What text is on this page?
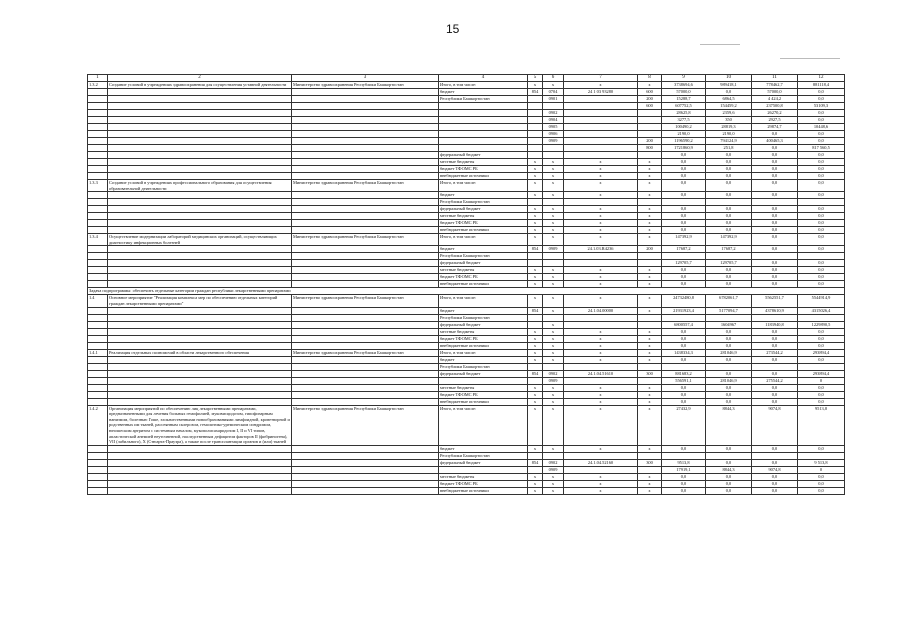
15
1	2	3	4	5	6	7	8	9	10	11	12
1.3.2	Создание условий в учреждениях здравоохранения для осуществления уставной деятельности	Министерство здравоохранения Республики Башкортостан	Итого, в том числе:	x	x	x	x	3738694,6	989418,1	778462,7	881118,4
			бюджет	854	0704	24 1 03 93280	600	57000,0	0,0	57000,0	0,0
			Республики Башкортостан		0901		200	15288,7	6864,5	4 424,2	0,0
							600	607752,5	154459,2	237500,8	53109,3
					0902			28625,8	2359,6	26270,2	0,0
					0904			3277,5	350	2927,5	0,0
					0905			100490,2	28819,3	29874,7	10448,6
					0906			2190,0	2190,0	0,0	0,0
					0909		200	1196590,2	794124,9	400465,3	0,0
							800	1721860,9	251,8	0,0	817 560,5
			федеральный бюджет					0,0	0,0	0,0	0,0
			местные бюджеты	x	x	x	x	0,0	0,0	0,0	0,0
			бюджет ТФОМС РБ	x	x	x	x	0,0	0,0	0,0	0,0
			внебюджетные источники	x	x	x	x	0,0	0,0	0,0	0,0
1.3.3	Создание условий в учреждениях профессионального образования для осуществления образовательной деятельности	Министерство здравоохранения Республики Башкортостан	Итого, в том числе:	x	x	x	x	0,0	0,0	0,0	0,0
			бюджет	x	x	x	x	0,0	0,0	0,0	0,0
			Республики Башкортостан								
			федеральный бюджет	x	x	x	x	0,0	0,0	0,0	0,0
			местные бюджеты	x	x	x	x	0,0	0,0	0,0	0,0
			бюджет ТФОМС РБ	x	x	x	x	0,0	0,0	0,0	0,0
			внебюджетные источники	x	x	x	x	0,0	0,0	0,0	0,0
1.3.4	Осуществление модернизации лабораторий медицинских организаций, осуществляющих диагностику инфекционных болезней	Министерство здравоохранения Республики Башкортостан	Итого, в том числе:	x	x	x	x	147392,9	147392,9	0,0	0,0
			бюджет	854	0909	24.1.03.R4236	200	17687,2	17687,2	0,0	0,0
			Республики Башкортостан								
			федеральный бюджет					129705,7	129705,7	0,0	0,0
			местные бюджеты	x	x	x	x	0,0	0,0	0,0	0,0
			бюджет ТФОМС РБ	x	x	x	x	0,0	0,0	0,0	0,0
			внебюджетные источники	x	x	x	x	0,0	0,0	0,0	0,0
Задача подпрограммы: обеспечить отдельные категории граждан республики лекарственными препаратами											
1.4	Основное мероприятие "Реализация комплекса мер по обеспечению отдельных категорий граждан лекарственными препаратами"	Министерство здравоохранения Республики Башкортостан	Итого, в том числе:	x	x	x	x	24732480,8	6782061,7	5562551,7	5544914,9
			бюджет	854	x	24.1.04.00000	x	21931923,4	5177094,7	4378610,9	4315026,4
			Республики Башкортостан								
			федеральный бюджет		x			6800557,4	1604967	1183940,8	1229890,5
			местные бюджеты	x	x	x	x	0,0	0,0	0,0	0,0
			бюджет ТФОМС РБ	x	x	x	x	0,0	0,0	0,0	0,0
			внебюджетные источники	x	x	x	x	0,0	0,0	0,0	0,0
1.4.1	Реализация отдельных полномочий в области лекарственного обеспечения	Министерство здравоохранения Республики Башкортостан	Итого, в том числе:	x	x	x	x	1438334,3	281046,9	273544,2	293894,4
			бюджет	x	x	x	x	0,0	0,0	0,0	0,0
			Республики Башкортостан								
			федеральный бюджет	854	0902	24.1.04.51610	300	881683,2	0,0	0,0	293894,4
					0909			556591,1	281046,9	275544,2	0
			местные бюджеты	x	x	x	x	0,0	0,0	0,0	0,0
			бюджет ТФОМС РБ	x	x	x	x	0,0	0,0	0,0	0,0
			внебюджетные источники	x	x	x	x	0,0	0,0	0,0	0,0
1.4.2	Организация мероприятий по обеспечению лиц лекарственными препаратами, предназначенными для лечения больных гемофилией, муковисцидозом, гипофизарным нанизмом, болезнью Гоше, злокачественными новообразованиями лимфоидной, кроветворной и родственных им тканей, рассеянным склерозом, гемолитико-уремическим синдромом, юношеским артритом с системным началом, мукополисахаридозом I, II и VI типов, апластической анемией неуточненной, наследственным дефицитом факторов II (фибриногена), VII (лабильного), X (Стюарта-Прауэра), а также после трансплантации органов и (или) тканей	Министерство здравоохранения Республики Башкортостан	Итого, в том числе:	x	x	x	x	27432,9	8844,3	9074,8	9513,8
			бюджет	x	x	x	x	0,0	0,0	0,0	0,0
			Республики Башкортостан								
			федеральный бюджет	854	0902	24.1.04.52160	300	9513,8	0,0	0,0	9 513,8
					0909			17919,1	8844,3	9074,8	0
			местные бюджеты	x	x	x	x	0,0	0,0	0,0	0,0
			бюджет ТФОМС РБ	x	x	x	x	0,0	0,0	0,0	0,0
			внебюджетные источники	x	x	x	x	0,0	0,0	0,0	0,0
